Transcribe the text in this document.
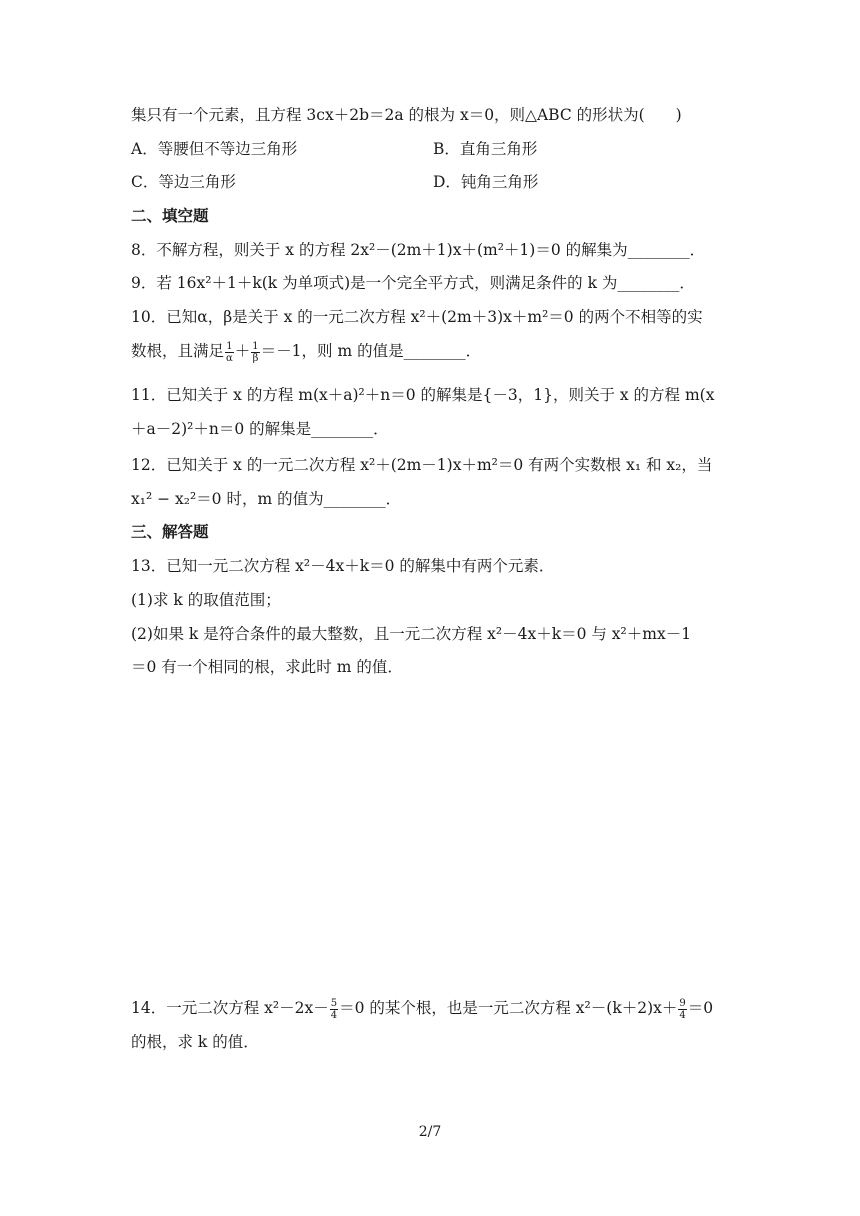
集只有一个元素，且方程 3cx＋2b＝2a 的根为 x＝0，则△ABC 的形状为(　　)
A．等腰但不等边三角形	B．直角三角形
C．等边三角形	D．钝角三角形
二、填空题
8．不解方程，则关于 x 的方程 2x²－(2m＋1)x＋(m²＋1)＝0 的解集为________．
9．若 16x²＋1＋k(k 为单项式)是一个完全平方式，则满足条件的 k 为________．
10．已知α，β是关于 x 的一元二次方程 x²＋(2m＋3)x＋m²＝0 的两个不相等的实
数根，且满足 $\frac{1}{\alpha} + \frac{1}{\beta} =-1$，则 m 的值是________．
11．已知关于 x 的方程 m(x＋a)²＋n＝0 的解集是{－3，1}，则关于 x 的方程 m(x
＋a－2)²＋n＝0 的解集是________．
12．已知关于 x 的一元二次方程 x²＋(2m－1)x＋m²＝0 有两个实数根 x₁ 和 x₂，当
x₁² − x₂²＝0 时，m 的值为________．
三、解答题
13．已知一元二次方程 x²－4x＋k＝0 的解集中有两个元素．
(1)求 k 的取值范围；
(2)如果 k 是符合条件的最大整数，且一元二次方程 x²－4x＋k＝0 与 x²＋mx－1
＝0 有一个相同的根，求此时 m 的值．
14．一元二次方程 $x^2-2x- \frac{5}{4} =0$ 的某个根，也是一元二次方程 $x^2-(k+2)x+ \frac{9}{4} =0$
的根，求 k 的值．
2/7
